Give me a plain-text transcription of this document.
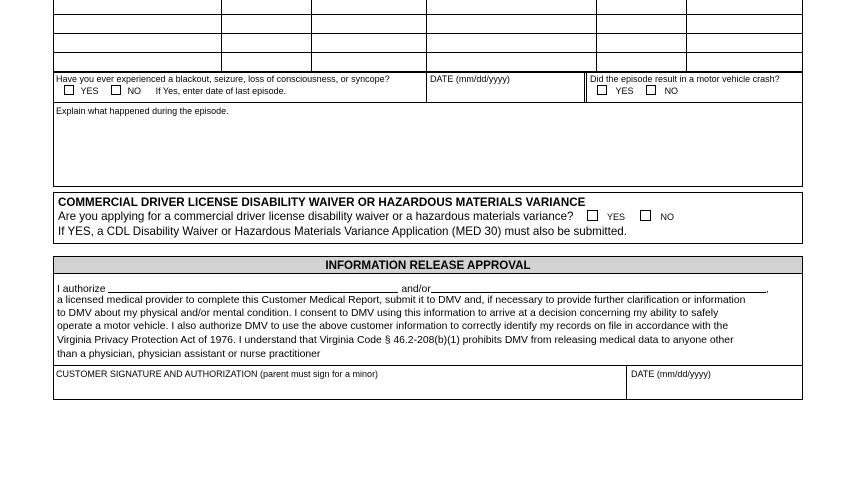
Have you ever experienced a blackout, seizure, loss of consciousness, or syncope?
YES	NO If Yes, enter date of last episode.
DATE (mm/dd/yyyy)	Did the episode result in a motor vehicle crash?
YES	NO
Explain what happened during the episode.
COMMERCIAL DRIVER LICENSE DISABILITY WAIVER OR HAZARDOUS MATERIALS VARIANCE
Are you applying for a commercial driver license disability waiver or a hazardous materials variance?	YES	NO
If YES, a CDL Disability Waiver or Hazardous Materials Variance Application (MED 30) must also be submitted.
INFORMATION RELEASE APPROVAL
I authorize	and/or	,
a licensed medical provider to complete this Customer Medical Report, submit it to DMV and, if necessary to provide further clarification or information
to DMV about my physical and/or mental condition. I consent to DMV using this information to arrive at a decision concerning my ability to safely
operate a motor vehicle. I also authorize DMV to use the above customer information to correctly identify my records on file in accordance with the
Virginia Privacy Protection Act of 1976. I understand that Virginia Code § 46.2-208(b)(1) prohibits DMV from releasing medical data to anyone other
than a physician, physician assistant or nurse practitioner
CUSTOMER SIGNATURE AND AUTHORIZATION (parent must sign for a minor)	DATE (mm/dd/yyyy)
